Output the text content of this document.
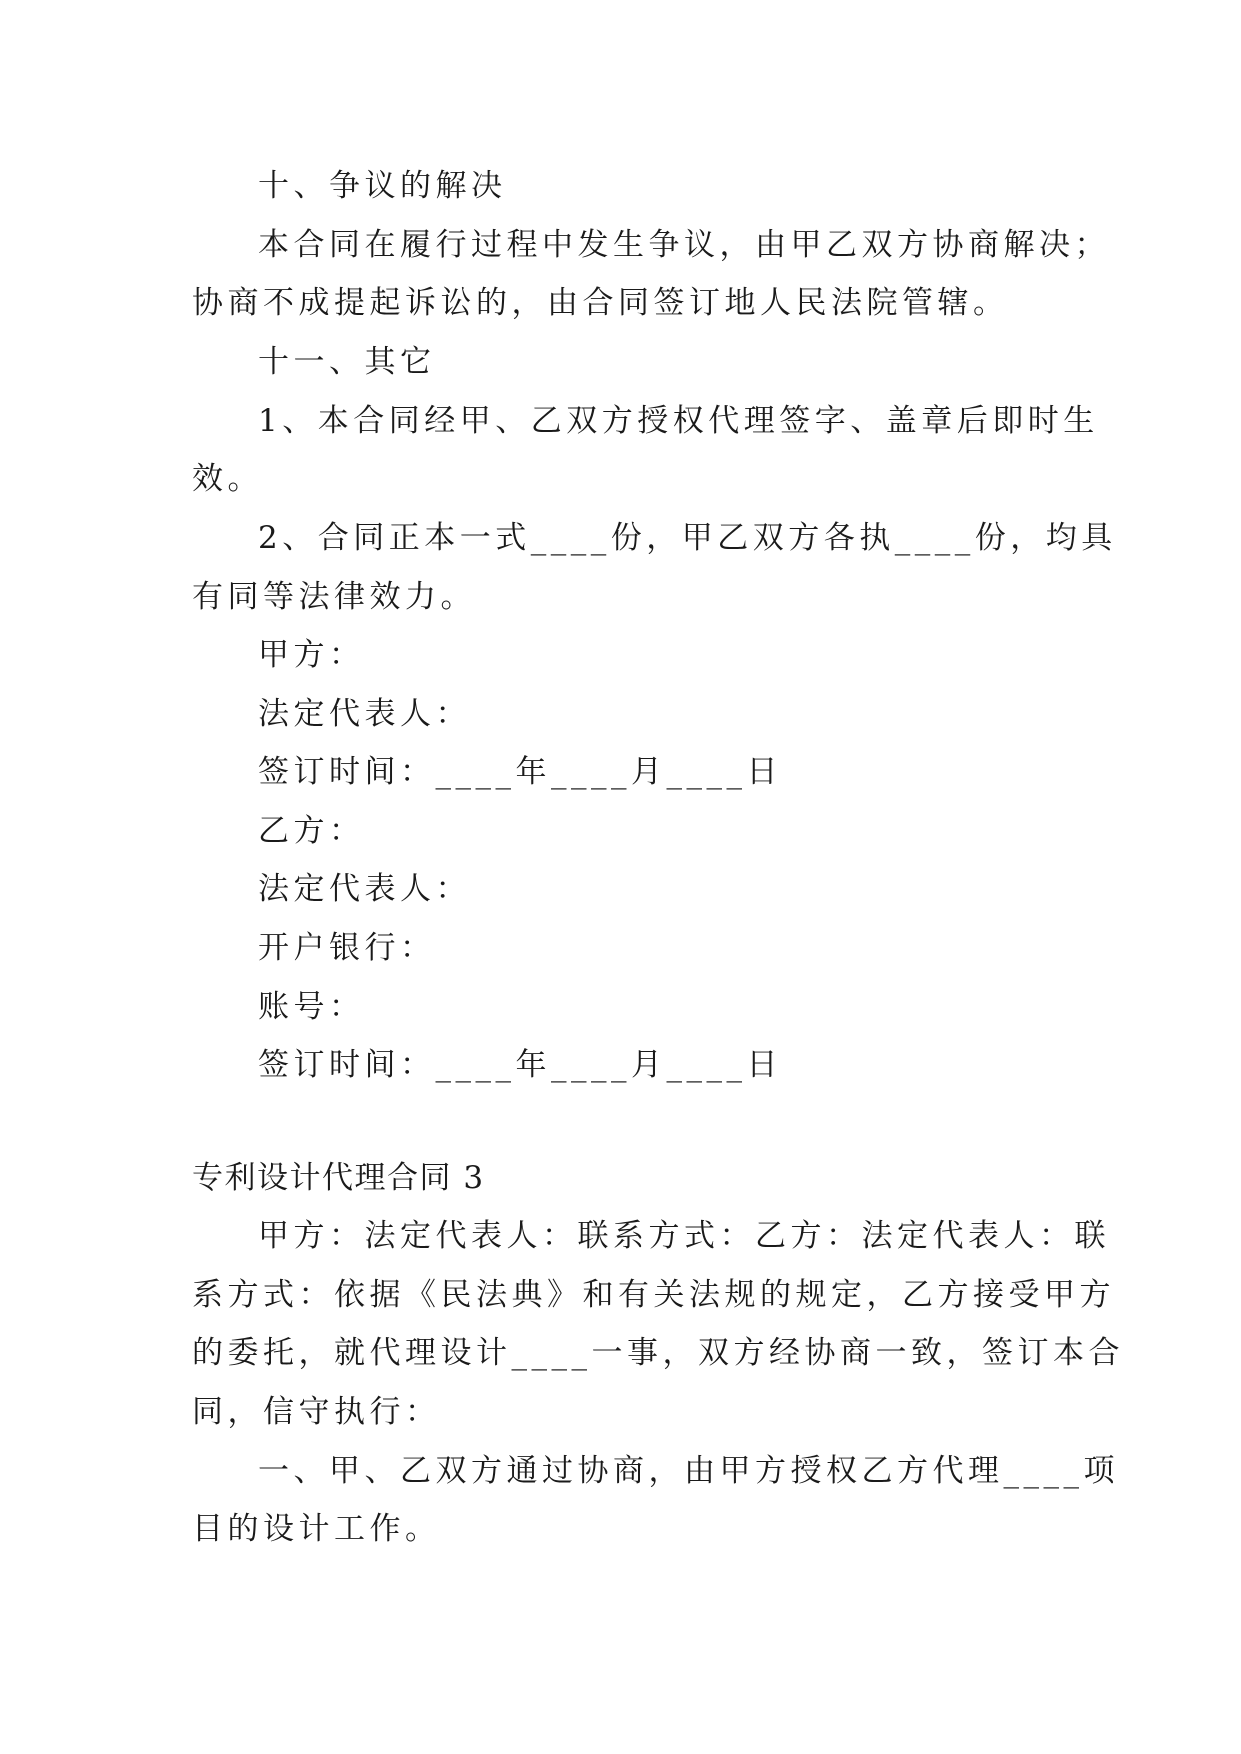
十、争议的解决
本合同在履行过程中发生争议，由甲乙双方协商解决；
协商不成提起诉讼的，由合同签订地人民法院管辖。
十一、其它
1、本合同经甲、乙双方授权代理签字、盖章后即时生
效。
2、合同正本一式____份，甲乙双方各执____份，均具
有同等法律效力。
甲方：
法定代表人：
签订时间：____年____月____日
乙方：
法定代表人：
开户银行：
账号：
签订时间：____年____月____日
专利设计代理合同 3
甲方：法定代表人：联系方式：乙方：法定代表人：联
系方式：依据《民法典》和有关法规的规定，乙方接受甲方
的委托，就代理设计____一事，双方经协商一致，签订本合
同，信守执行：
一、甲、乙双方通过协商，由甲方授权乙方代理____项
目的设计工作。
